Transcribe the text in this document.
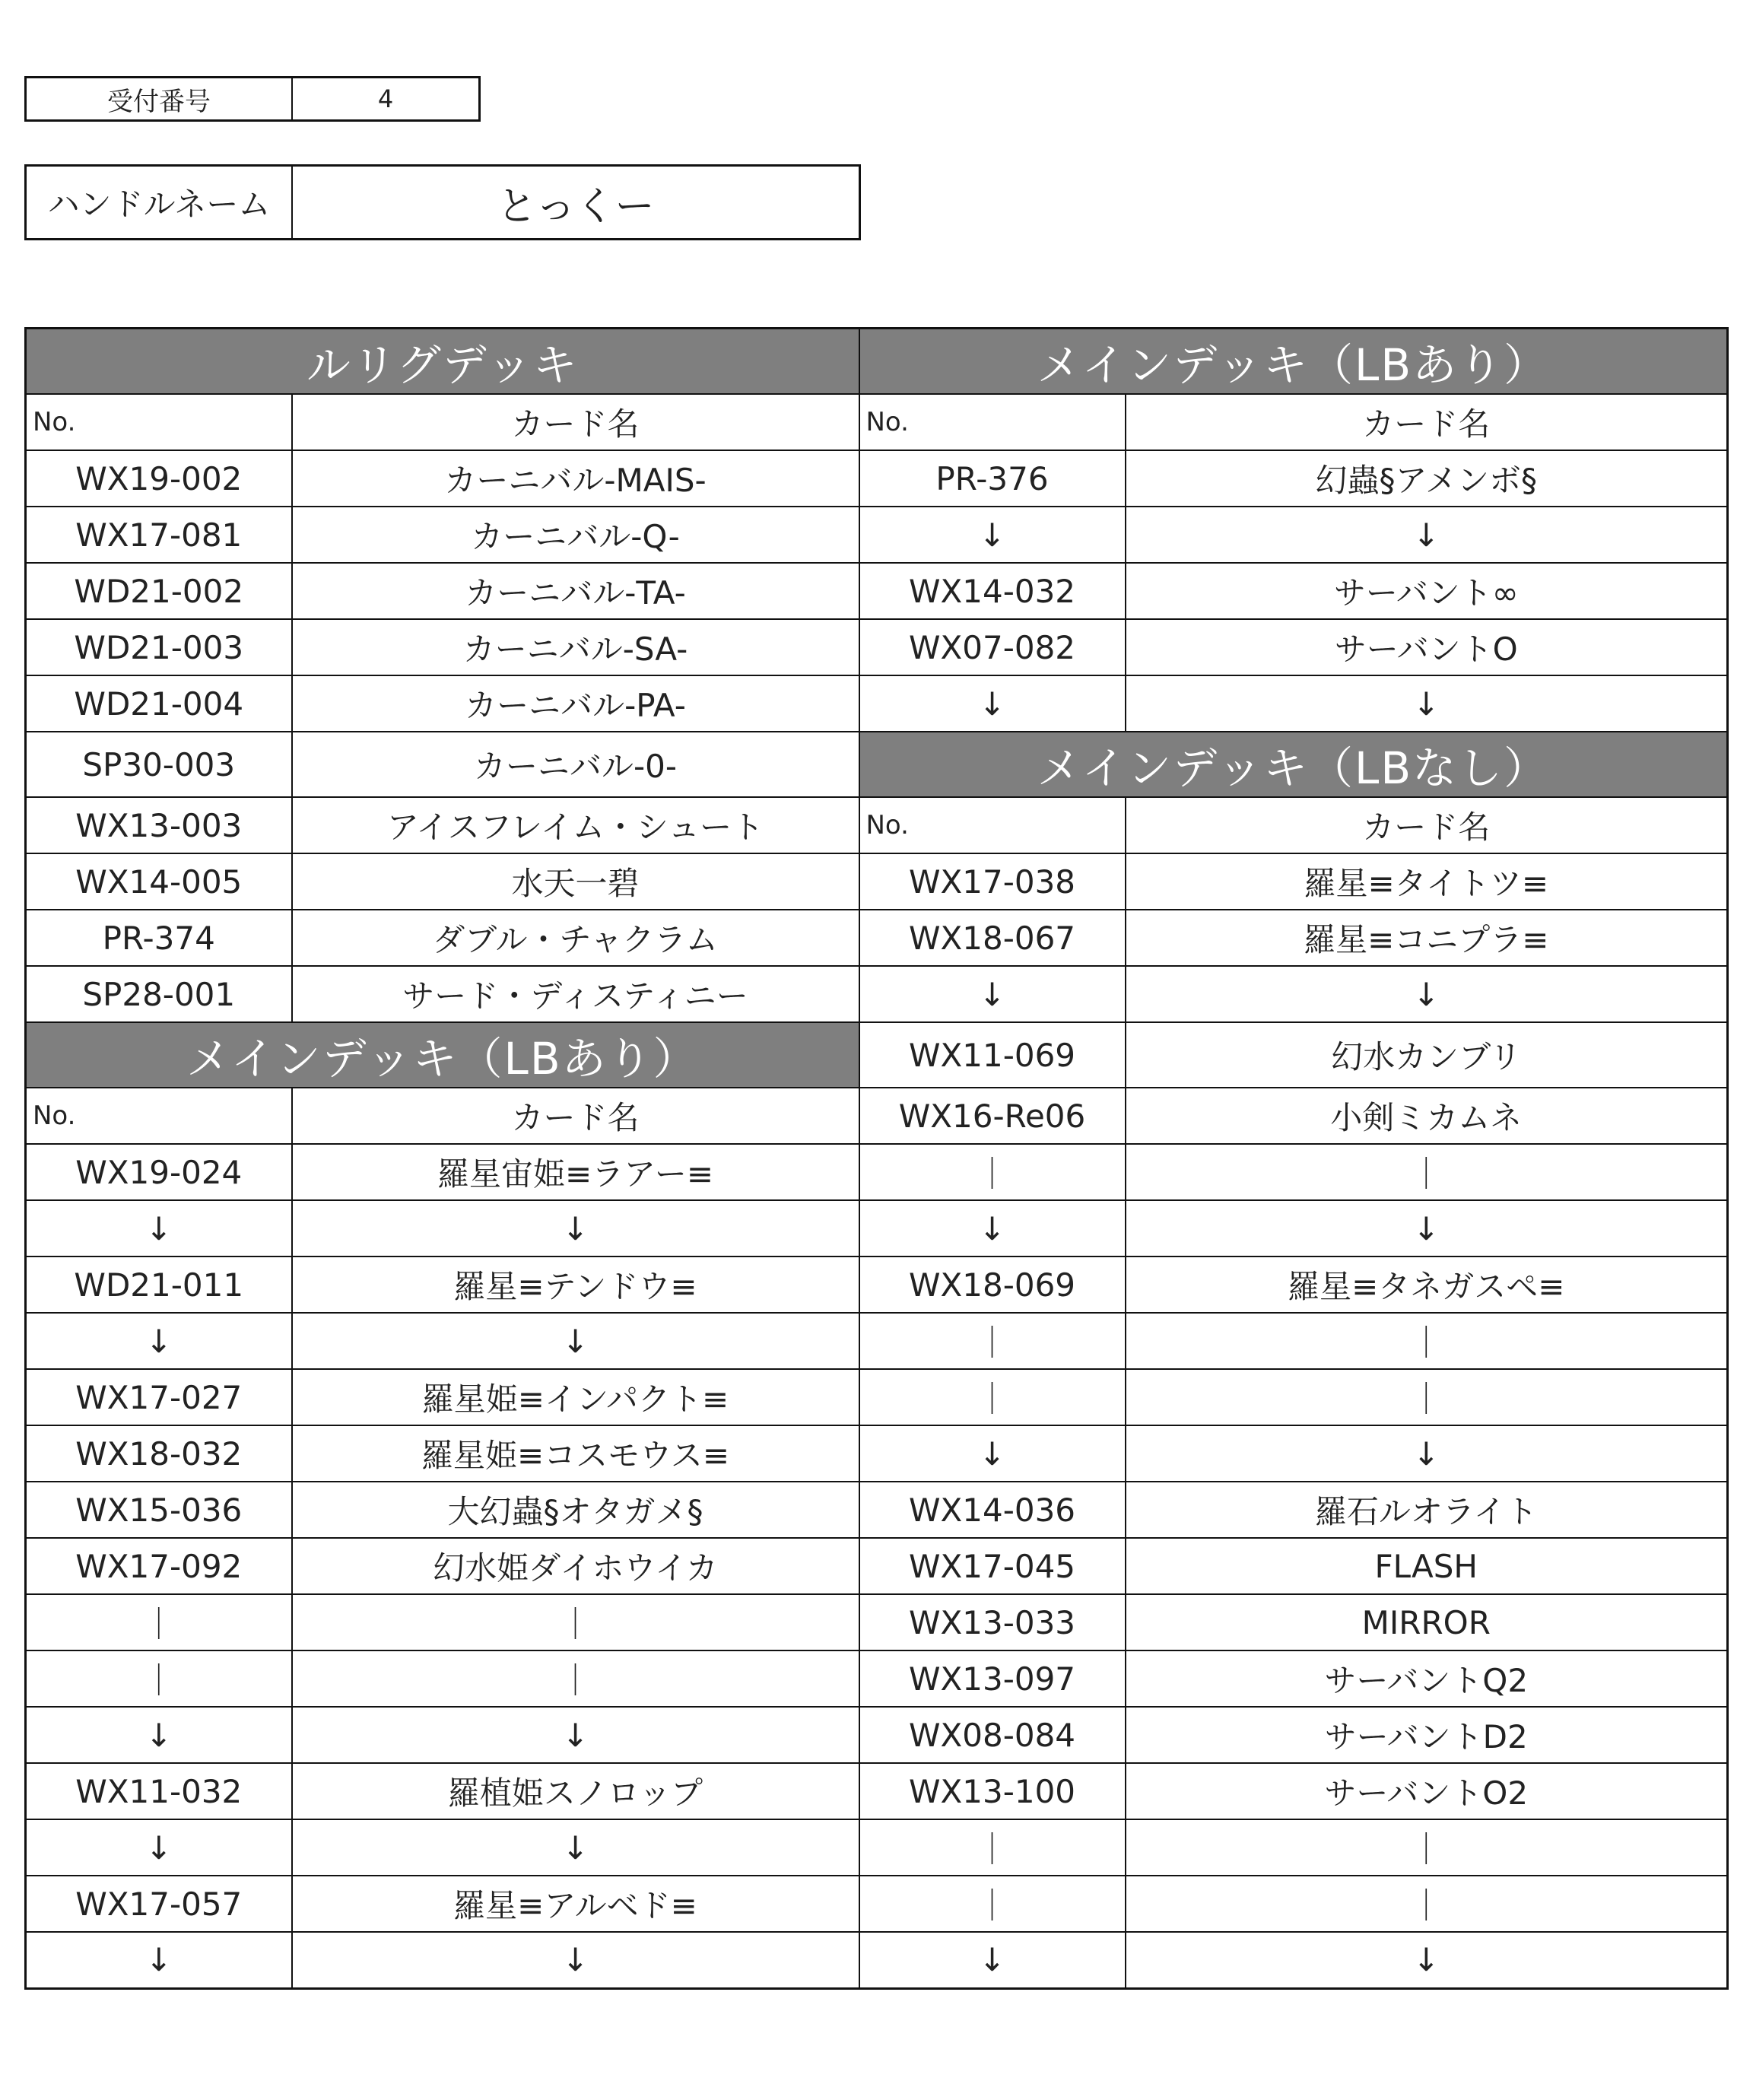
受付番号	4
ハンドルネーム	とっくー
ルリグデッキ		メインデッキ（LBあり）	
No.	カード名	No.	カード名
WX19-002	カーニバル-MAIS-	PR-376	幻蟲§アメンボ§
WX17-081	カーニバル-Q-	↓	↓
WD21-002	カーニバル-TA-	WX14-032	サーバント∞
WD21-003	カーニバル-SA-	WX07-082	サーバントO
WD21-004	カーニバル-PA-	↓	↓
SP30-003	カーニバル-0-	メインデッキ（LBなし）	
WX13-003	アイスフレイム・シュート	No.	カード名
WX14-005	水天一碧	WX17-038	羅星≡タイトツ≡
PR-374	ダブル・チャクラム	WX18-067	羅星≡コニプラ≡
SP28-001	サード・ディスティニー	↓	↓
メインデッキ（LBあり）		WX11-069	幻水カンブリ
No.	カード名	WX16-Re06	小剣ミカムネ
WX19-024	羅星宙姫≡ラアー≡	｜	｜
↓	↓	↓	↓
WD21-011	羅星≡テンドウ≡	WX18-069	羅星≡タネガスペ≡
↓	↓	｜	｜
WX17-027	羅星姫≡インパクト≡	｜	｜
WX18-032	羅星姫≡コスモウス≡	↓	↓
WX15-036	大幻蟲§オタガメ§	WX14-036	羅石ルオライト
WX17-092	幻水姫ダイホウイカ	WX17-045	FLASH
｜	｜	WX13-033	MIRROR
｜	｜	WX13-097	サーバントQ2
↓	↓	WX08-084	サーバントD2
WX11-032	羅植姫スノロップ	WX13-100	サーバントO2
↓	↓	｜	｜
WX17-057	羅星≡アルベド≡	｜	｜
↓	↓	↓	↓
